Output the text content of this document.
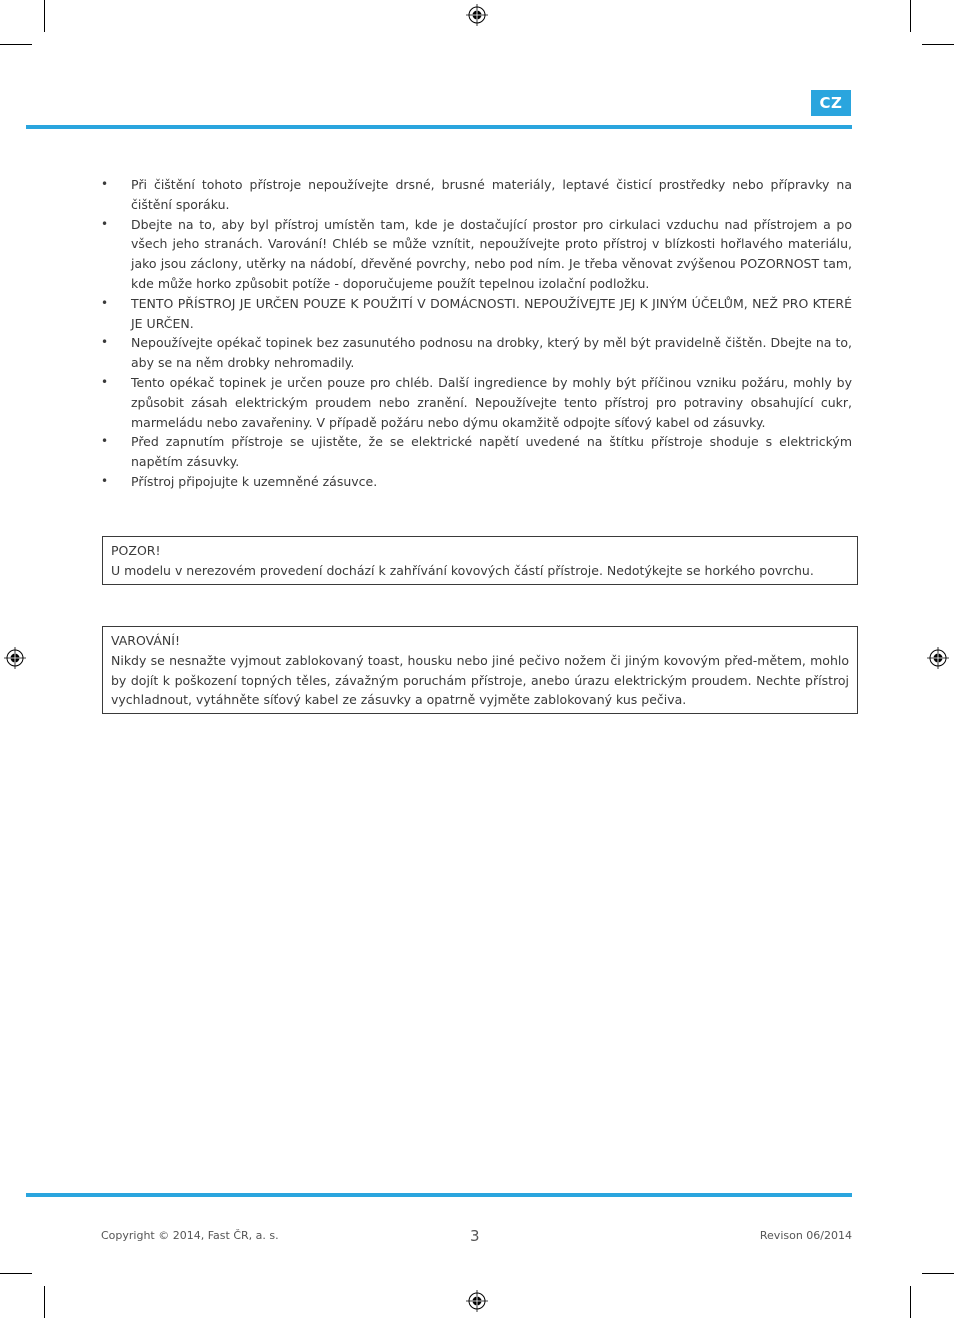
CZ
• Při čištění tohoto přístroje nepoužívejte drsné, brusné materiály, leptavé čisticí prostředky nebo přípravky na čištění sporáku.
• Dbejte na to, aby byl přístroj umístěn tam, kde je dostačující prostor pro cirkulaci vzduchu nad přístrojem a po všech jeho stranách. Varování! Chléb se může vznítit, nepoužívejte proto přístroj v blízkosti hořlavého materiálu, jako jsou záclony, utěrky na nádobí, dřevěné povrchy, nebo pod ním. Je třeba věnovat zvýšenou POZORNOST tam, kde může horko způsobit potíže - doporučujeme použít tepelnou izolační podložku.
• TENTO PŘÍSTROJ JE URČEN POUZE K POUŽITÍ V DOMÁCNOSTI. NEPOUŽÍVEJTE JEJ K JINÝM ÚČELŮM, NEŽ PRO KTERÉ JE URČEN.
• Nepoužívejte opékač topinek bez zasunutého podnosu na drobky, který by měl být pravidelně čištěn. Dbejte na to, aby se na něm drobky nehromadily.
• Tento opékač topinek je určen pouze pro chléb. Další ingredience by mohly být příčinou vzniku požáru, mohly by způsobit zásah elektrickým proudem nebo zranění. Nepoužívejte tento přístroj pro potraviny obsahující cukr, marmeládu nebo zavařeniny. V případě požáru nebo dýmu okamžitě odpojte síťový kabel od zásuvky.
• Před zapnutím přístroje se ujistěte, že se elektrické napětí uvedené na štítku přístroje shoduje s elektrickým napětím zásuvky.
• Přístroj připojujte k uzemněné zásuvce.
POZOR!
U modelu v nerezovém provedení dochází k zahřívání kovových částí přístroje. Nedotýkejte se horkého povrchu.
VAROVÁNÍ!
Nikdy se nesnažte vyjmout zablokovaný toast, housku nebo jiné pečivo nožem či jiným kovovým před-mětem, mohlo by dojít k poškození topných těles, závažným poruchám přístroje, anebo úrazu elektrickým proudem. Nechte přístroj vychladnout, vytáhněte síťový kabel ze zásuvky a opatrně vyjměte zablokovaný kus pečiva.
Copyright © 2014, Fast ČR, a. s.	3	Revison 06/2014
